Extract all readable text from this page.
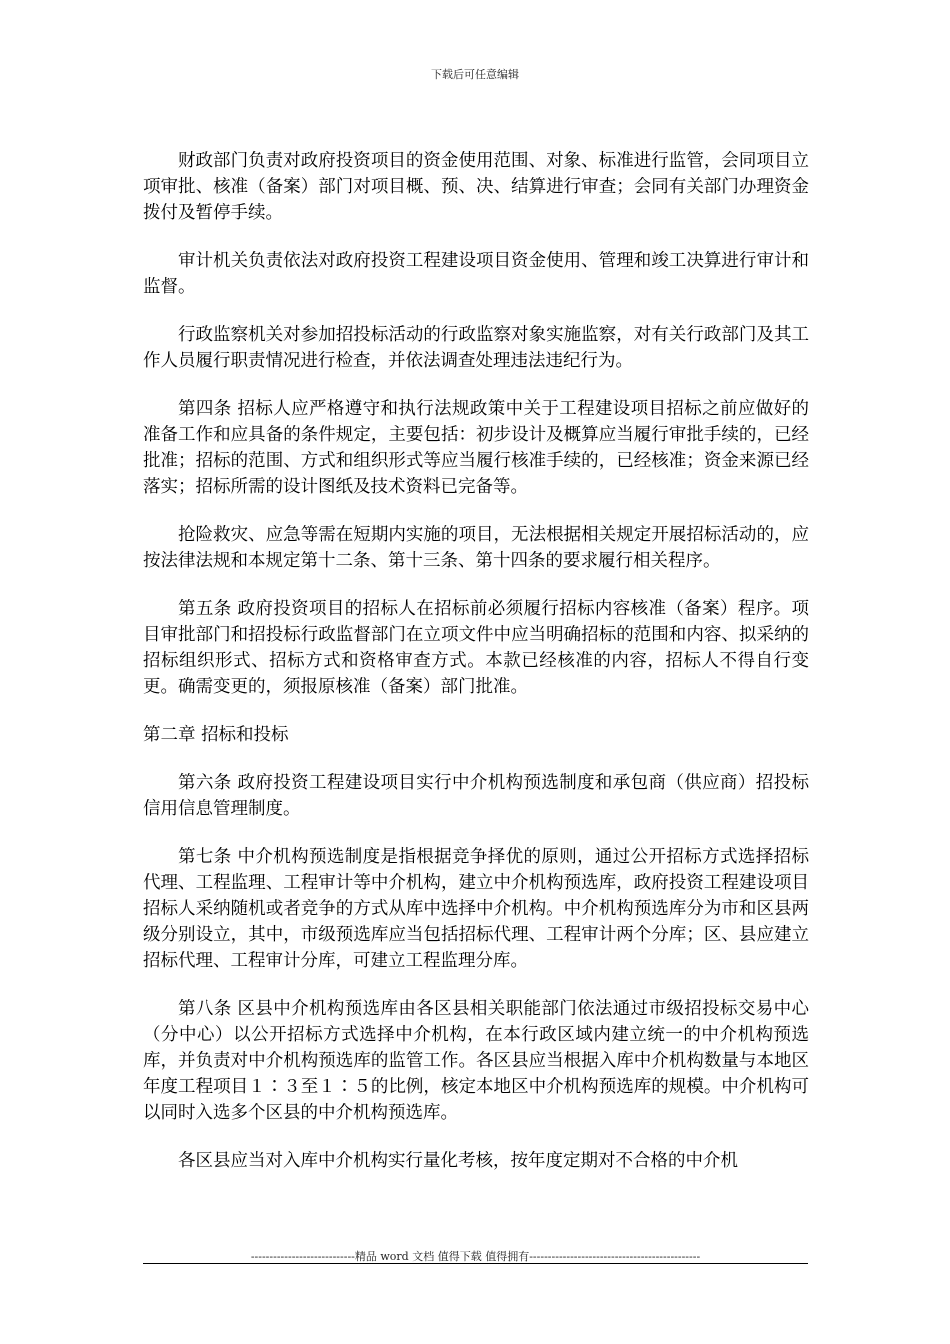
下载后可任意编辑

财政部门负责对政府投资项目的资金使用范围、对象、标准进行监管，会同项目立项审批、核准（备案）部门对项目概、预、决、结算进行审查；会同有关部门办理资金拨付及暂停手续。

审计机关负责依法对政府投资工程建设项目资金使用、管理和竣工决算进行审计和监督。

行政监察机关对参加招投标活动的行政监察对象实施监察，对有关行政部门及其工作人员履行职责情况进行检查，并依法调查处理违法违纪行为。

第四条 招标人应严格遵守和执行法规政策中关于工程建设项目招标之前应做好的准备工作和应具备的条件规定，主要包括：初步设计及概算应当履行审批手续的，已经批准；招标的范围、方式和组织形式等应当履行核准手续的，已经核准；资金来源已经落实；招标所需的设计图纸及技术资料已完备等。

抢险救灾、应急等需在短期内实施的项目，无法根据相关规定开展招标活动的，应按法律法规和本规定第十二条、第十三条、第十四条的要求履行相关程序。

第五条 政府投资项目的招标人在招标前必须履行招标内容核准（备案）程序。项目审批部门和招投标行政监督部门在立项文件中应当明确招标的范围和内容、拟采纳的招标组织形式、招标方式和资格审查方式。本款已经核准的内容，招标人不得自行变更。确需变更的，须报原核准（备案）部门批准。

第二章 招标和投标

第六条 政府投资工程建设项目实行中介机构预选制度和承包商（供应商）招投标信用信息管理制度。

第七条 中介机构预选制度是指根据竞争择优的原则，通过公开招标方式选择招标代理、工程监理、工程审计等中介机构，建立中介机构预选库，政府投资工程建设项目招标人采纳随机或者竞争的方式从库中选择中介机构。中介机构预选库分为市和区县两级分别设立，其中，市级预选库应当包括招标代理、工程审计两个分库；区、县应建立招标代理、工程审计分库，可建立工程监理分库。

第八条 区县中介机构预选库由各区县相关职能部门依法通过市级招投标交易中心（分中心）以公开招标方式选择中介机构，在本行政区域内建立统一的中介机构预选库，并负责对中介机构预选库的监管工作。各区县应当根据入库中介机构数量与本地区年度工程项目１∶３至１∶５的比例，核定本地区中介机构预选库的规模。中介机构可以同时入选多个区县的中介机构预选库。

各区县应当对入库中介机构实行量化考核，按年度定期对不合格的中介机

----------------------------精品 word 文档 值得下载 值得拥有----------------------------------------------
